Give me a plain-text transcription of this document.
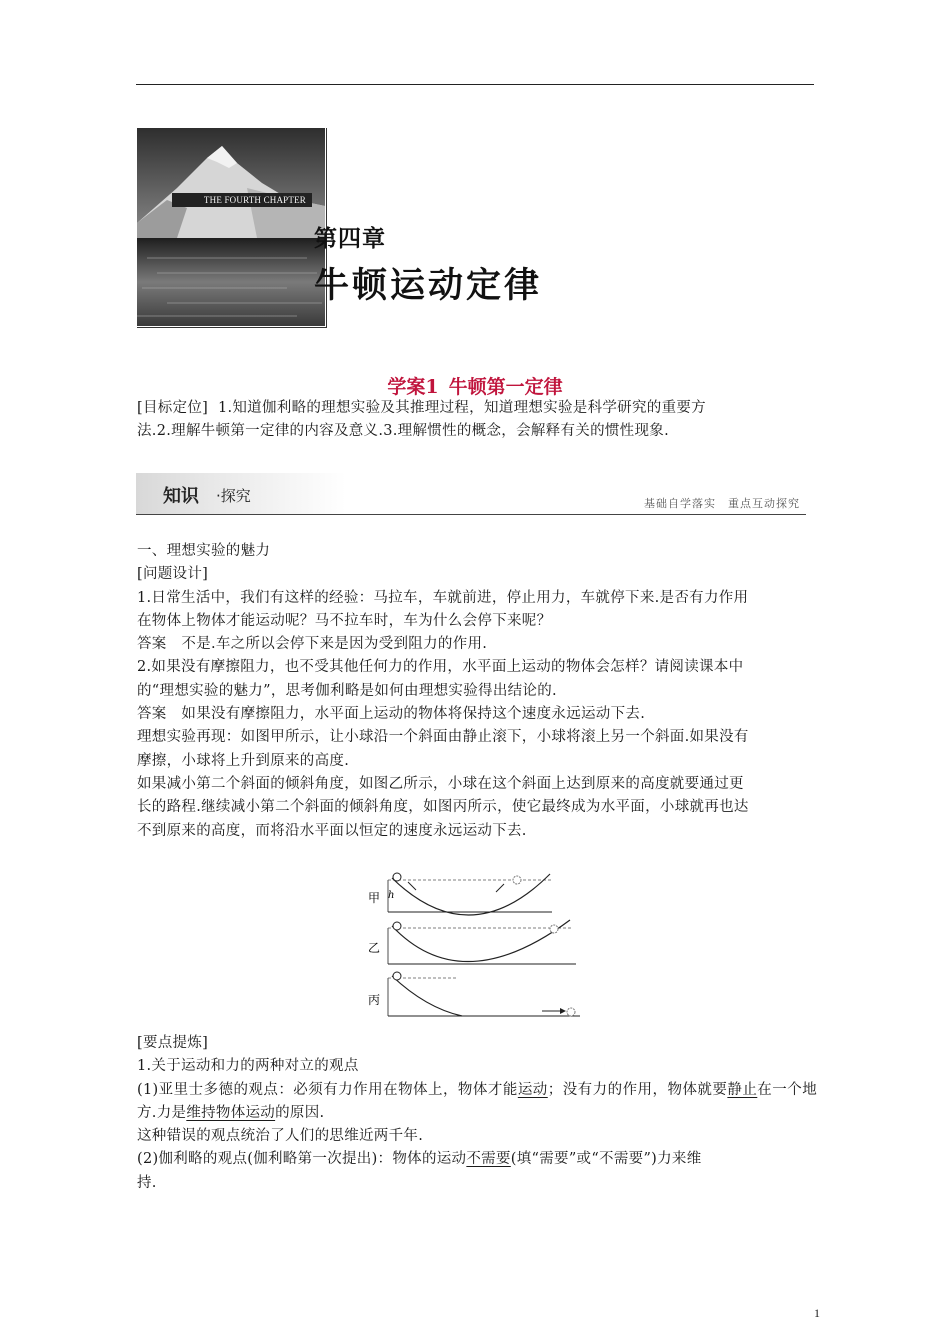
THE FOURTH CHAPTER
第四章
牛顿运动定律
学案1 牛顿第一定律
[目标定位] 1.知道伽利略的理想实验及其推理过程，知道理想实验是科学研究的重要方
法.2.理解牛顿第一定律的内容及意义.3.理解惯性的概念，会解释有关的惯性现象.
知识 ·探究	基础自学落实　重点互动探究
一、理想实验的魅力
[问题设计]
1.日常生活中，我们有这样的经验：马拉车，车就前进，停止用力，车就停下来.是否有力作用
在物体上物体才能运动呢？马不拉车时，车为什么会停下来呢？
答案　不是.车之所以会停下来是因为受到阻力的作用.
2.如果没有摩擦阻力，也不受其他任何力的作用，水平面上运动的物体会怎样？请阅读课本中
的“理想实验的魅力”，思考伽利略是如何由理想实验得出结论的.
答案　如果没有摩擦阻力，水平面上运动的物体将保持这个速度永远运动下去.
理想实验再现：如图甲所示，让小球沿一个斜面由静止滚下，小球将滚上另一个斜面.如果没有
摩擦，小球将上升到原来的高度.
如果减小第二个斜面的倾斜角度，如图乙所示，小球在这个斜面上达到原来的高度就要通过更
长的路程.继续减小第二个斜面的倾斜角度，如图丙所示，使它最终成为水平面，小球就再也达
不到原来的高度，而将沿水平面以恒定的速度永远运动下去.
甲 h
乙
丙
[要点提炼]
1.关于运动和力的两种对立的观点
(1)亚里士多德的观点：必须有力作用在物体上，物体才能运动；没有力的作用，物体就要静止在一个地方.力是维持物体运动的原因.
这种错误的观点统治了人们的思维近两千年.
(2)伽利略的观点(伽利略第一次提出)：物体的运动不需要(填“需要”或“不需要”)力来维
持.
1
